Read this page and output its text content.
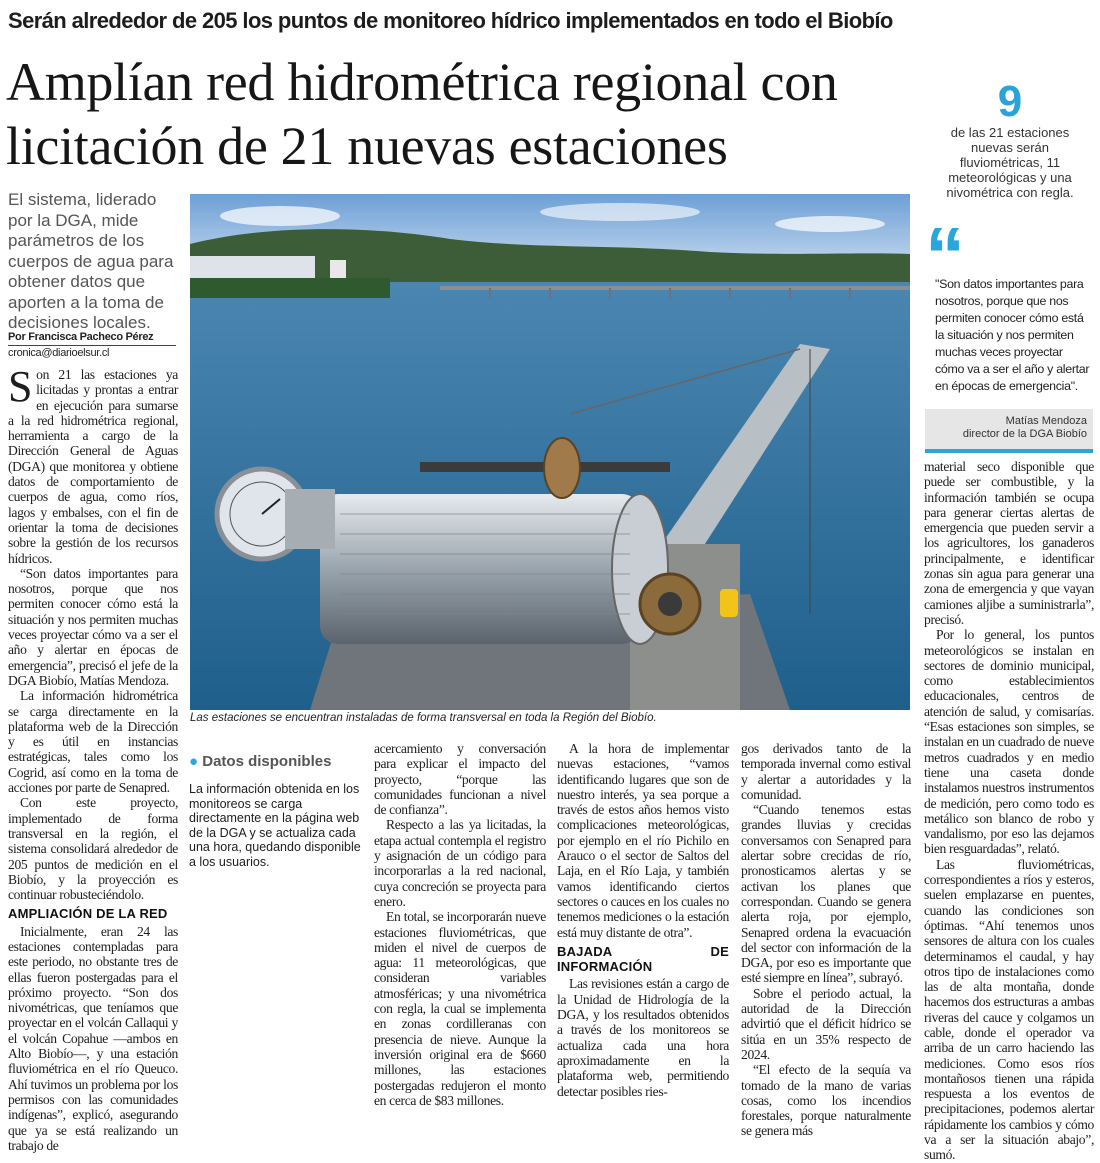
Serán alrededor de 205 los puntos de monitoreo hídrico implementados en todo el Biobío
Amplían red hidrométrica regional con licitación de 21 nuevas estaciones
9
de las 21 estaciones nuevas serán fluviométricas, 11 meteorológicas y una nivométrica con regla.
El sistema, liderado por la DGA, mide parámetros de los cuerpos de agua para obtener datos que aporten a la toma de decisiones locales.
Por Francisca Pacheco Pérez
cronica@diarioelsur.cl
Las estaciones se encuentran instaladas de forma transversal en toda la Región del Biobío.
“
"Son datos importantes para nosotros, porque que nos permiten conocer cómo está la situación y nos permiten muchas veces proyectar cómo va a ser el año y alertar en épocas de emergencia".
Matías Mendoza
director de la DGA Biobío

Son 21 las estaciones ya licitadas y prontas a entrar en ejecución para sumarse a la red hidrométrica regional, herramienta a cargo de la Dirección General de Aguas (DGA) que monitorea y obtiene datos de comportamiento de cuerpos de agua, como ríos, lagos y embalses, con el fin de orientar la toma de decisiones sobre la gestión de los recursos hídricos.

“Son datos importantes para nosotros, porque que nos permiten conocer cómo está la situación y nos permiten muchas veces proyectar cómo va a ser el año y alertar en épocas de emergencia”, precisó el jefe de la DGA Biobío, Matías Mendoza.

La información hidrométrica se carga directamente en la plataforma web de la Dirección y es útil en instancias estratégicas, tales como los Cogrid, así como en la toma de acciones por parte de Senapred.

Con este proyecto, implementado de forma transversal en la región, el sistema consolidará alrededor de 205 puntos de medición en el Biobío, y la proyección es continuar robusteciéndolo.

AMPLIACIÓN DE LA RED

Inicialmente, eran 24 las estaciones contempladas para este periodo, no obstante tres de ellas fueron postergadas para el próximo proyecto. “Son dos nivométricas, que teníamos que proyectar en el volcán Callaqui y el volcán Copahue —ambos en Alto Biobío—, y una estación fluviométrica en el río Queuco. Ahí tuvimos un problema por los permisos con las comunidades indígenas”, explicó, asegurando que ya se está realizando un trabajo de

● Datos disponibles
La información obtenida en los monitoreos se carga directamente en la página web de la DGA y se actualiza cada una hora, quedando disponible a los usuarios.

acercamiento y conversación para explicar el impacto del proyecto, “porque las comunidades funcionan a nivel de confianza”.

Respecto a las ya licitadas, la etapa actual contempla el registro y asignación de un código para incorporarlas a la red nacional, cuya concreción se proyecta para enero.

En total, se incorporarán nueve estaciones fluviométricas, que miden el nivel de cuerpos de agua: 11 meteorológicas, que consideran variables atmosféricas; y una nivométrica con regla, la cual se implementa en zonas cordilleranas con presencia de nieve. Aunque la inversión original era de $660 millones, las estaciones postergadas redujeron el monto en cerca de $83 millones.

A la hora de implementar nuevas estaciones, “vamos identificando lugares que son de nuestro interés, ya sea porque a través de estos años hemos visto complicaciones meteorológicas, por ejemplo en el río Pichilo en Arauco o el sector de Saltos del Laja, en el Río Laja, y también vamos identificando ciertos sectores o cauces en los cuales no tenemos mediciones o la estación está muy distante de otra”.

BAJADA DE INFORMACIÓN

Las revisiones están a cargo de la Unidad de Hidrología de la DGA, y los resultados obtenidos a través de los monitoreos se actualiza cada una hora aproximadamente en la plataforma web, permitiendo detectar posibles ries-

gos derivados tanto de la temporada invernal como estival y alertar a autoridades y la comunidad.

“Cuando tenemos estas grandes lluvias y crecidas conversamos con Senapred para alertar sobre crecidas de río, pronosticamos alertas y se activan los planes que correspondan. Cuando se genera alerta roja, por ejemplo, Senapred ordena la evacuación del sector con información de la DGA, por eso es importante que esté siempre en línea”, subrayó.

Sobre el periodo actual, la autoridad de la Dirección advirtió que el déficit hídrico se sitúa en un 35% respecto de 2024.

“El efecto de la sequía va tomado de la mano de varias cosas, como los incendios forestales, porque naturalmente se genera más

material seco disponible que puede ser combustible, y la información también se ocupa para generar ciertas alertas de emergencia que pueden servir a los agricultores, los ganaderos principalmente, e identificar zonas sin agua para generar una zona de emergencia y que vayan camiones aljibe a suministrarla”, precisó.

Por lo general, los puntos meteorológicos se instalan en sectores de dominio municipal, como establecimientos educacionales, centros de atención de salud, y comisarías. “Esas estaciones son simples, se instalan en un cuadrado de nueve metros cuadrados y en medio tiene una caseta donde instalamos nuestros instrumentos de medición, pero como todo es metálico son blanco de robo y vandalismo, por eso las dejamos bien resguardadas”, relató.

Las fluviométricas, correspondientes a ríos y esteros, suelen emplazarse en puentes, cuando las condiciones son óptimas. “Ahí tenemos unos sensores de altura con los cuales determinamos el caudal, y hay otros tipo de instalaciones como las de alta montaña, donde hacemos dos estructuras a ambas riveras del cauce y colgamos un cable, donde el operador va arriba de un carro haciendo las mediciones. Como esos ríos montañosos tienen una rápida respuesta a los eventos de precipitaciones, podemos alertar rápidamente los cambios y cómo va a ser la situación abajo”, sumó.
